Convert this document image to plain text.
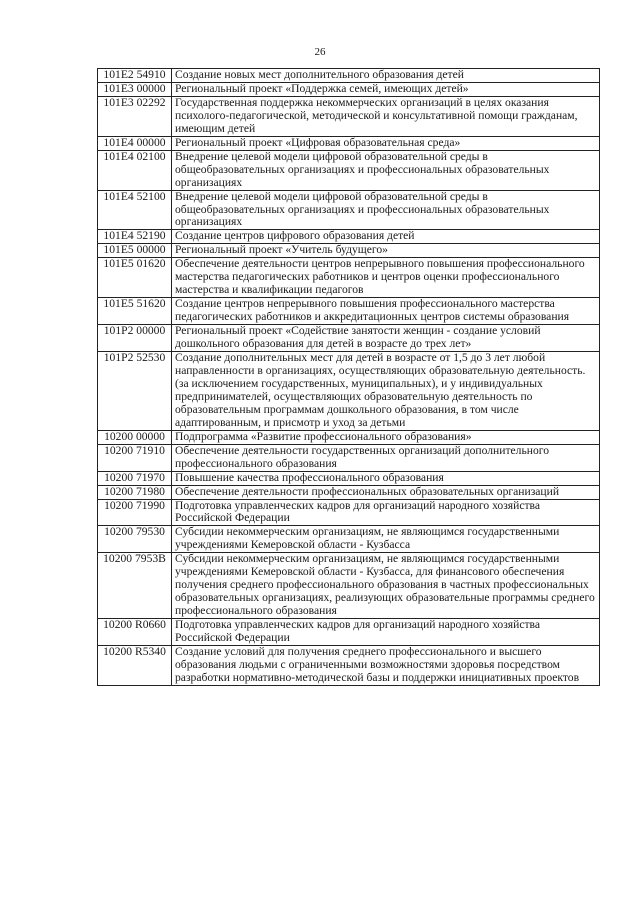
26
101E2 54910	Создание новых мест дополнительного образования детей
101E3 00000	Региональный проект «Поддержка семей, имеющих детей»
101E3 02292	Государственная поддержка некоммерческих организаций в целях оказания психолого-педагогической, методической и консультативной помощи гражданам, имеющим детей
101E4 00000	Региональный проект «Цифровая образовательная среда»
101E4 02100	Внедрение целевой модели цифровой образовательной среды в общеобразовательных организациях и профессиональных образовательных организациях
101E4 52100	Внедрение целевой модели цифровой образовательной среды в общеобразовательных организациях и профессиональных образовательных организациях
101E4 52190	Создание центров цифрового образования детей
101E5 00000	Региональный проект «Учитель будущего»
101E5 01620	Обеспечение деятельности центров непрерывного повышения профессионального мастерства педагогических работников и центров оценки профессионального мастерства и квалификации педагогов
101E5 51620	Создание центров непрерывного повышения профессионального мастерства педагогических работников и аккредитационных центров системы образования
101P2 00000	Региональный проект «Содействие занятости женщин - создание условий дошкольного образования для детей в возрасте до трех лет»
101P2 52530	Создание дополнительных мест для детей в возрасте от 1,5 до 3 лет любой направленности в организациях, осуществляющих образовательную деятельность.(за исключением государственных, муниципальных), и у индивидуальных предпринимателей, осуществляющих образовательную деятельность по образовательным программам дошкольного образования, в том числе адаптированным, и присмотр и уход за детьми
10200 00000	Подпрограмма «Развитие профессионального образования»
10200 71910	Обеспечение деятельности государственных организаций дополнительного профессионального образования
10200 71970	Повышение качества профессионального образования
10200 71980	Обеспечение деятельности профессиональных образовательных организаций
10200 71990	Подготовка управленческих кадров для организаций народного хозяйства Российской Федерации
10200 79530	Субсидии некоммерческим организациям, не являющимся государственными учреждениями Кемеровской области - Кузбасса
10200 7953В	Субсидии некоммерческим организациям, не являющимся государственными учреждениями Кемеровской области - Кузбасса, для финансового обеспечения получения среднего профессионального образования в частных профессиональных образовательных организациях, реализующих образовательные программы среднего профессионального образования
10200 R0660	Подготовка управленческих кадров для организаций народного хозяйства Российской Федерации
10200 R5340	Создание условий для получения среднего профессионального и высшего образования людьми с ограниченными возможностями здоровья посредством разработки нормативно-методической базы и поддержки инициативных проектов
